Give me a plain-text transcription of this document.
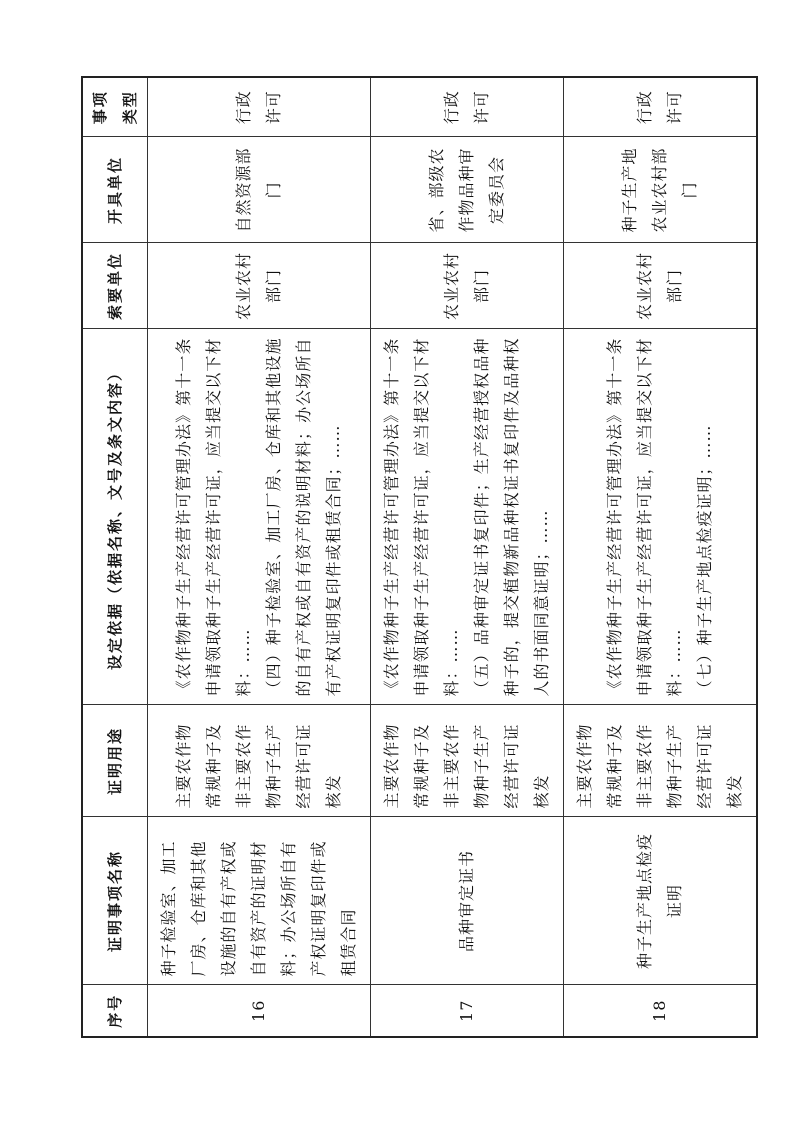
序号	证明事项名称	证明用途	设定依据（依据名称、文号及条文内容）	索要单位	开具单位	事项类型
16	种子检验室、加工厂房、仓库和其他设施的自有产权或自有资产的证明材料；办公场所自有产权证明复印件或租赁合同	主要农作物常规种子及非主要农作物种子生产经营许可证核发	《农作物种子生产经营许可管理办法》第十一条　申请领取种子生产经营许可证，应当提交以下材料：…… （四）种子检验室、加工厂房、仓库和其他设施的自有产权或自有资产的说明材料；办公场所自有产权证明复印件或租赁合同；……	农业农村部门	自然资源部门	行政许可
17	品种审定证书	主要农作物常规种子及非主要农作物种子生产经营许可证核发	《农作物种子生产经营许可管理办法》第十一条　申请领取种子生产经营许可证，应当提交以下材料：…… （五）品种审定证书复印件；生产经营授权品种种子的，提交植物新品种权证书复印件及品种权人的书面同意证明；……	农业农村部门	省、部级农作物品种审定委员会	行政许可
18	种子生产地点检疫证明	主要农作物常规种子及非主要农作物种子生产经营许可证核发	《农作物种子生产经营许可管理办法》第十一条　申请领取种子生产经营许可证，应当提交以下材料：…… （七）种子生产地点检疫证明；……	农业农村部门	种子生产地农业农村部门	行政许可
